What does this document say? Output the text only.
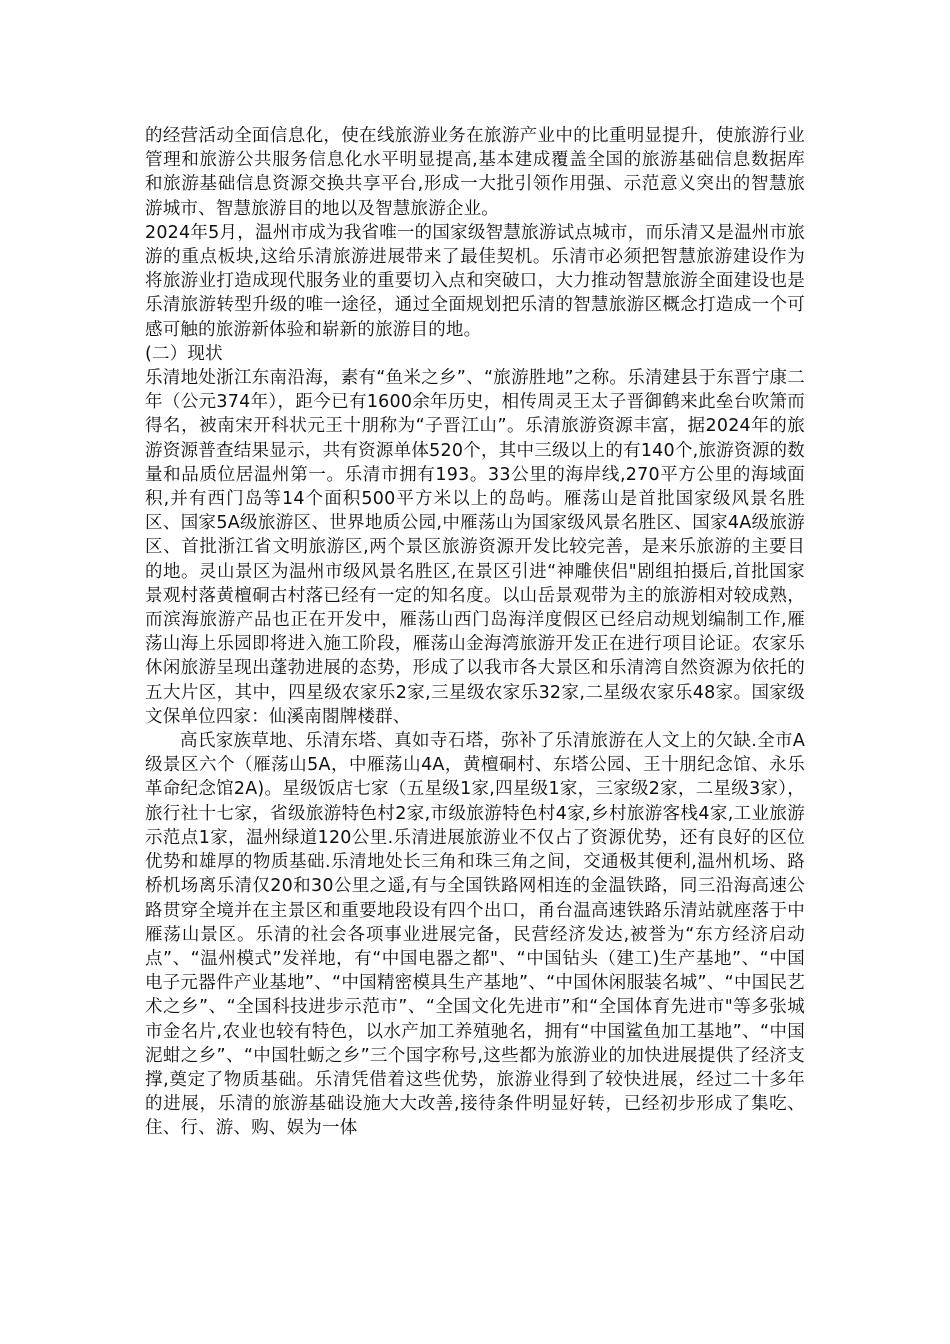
的经营活动全面信息化，使在线旅游业务在旅游产业中的比重明显提升，使旅游行业管理和旅游公共服务信息化水平明显提高,基本建成覆盖全国的旅游基础信息数据库和旅游基础信息资源交换共享平台,形成一大批引领作用强、示范意义突出的智慧旅游城市、智慧旅游目的地以及智慧旅游企业。

2024年5月，温州市成为我省唯一的国家级智慧旅游试点城市，而乐清又是温州市旅游的重点板块,这给乐清旅游进展带来了最佳契机。乐清市必须把智慧旅游建设作为将旅游业打造成现代服务业的重要切入点和突破口，大力推动智慧旅游全面建设也是乐清旅游转型升级的唯一途径，通过全面规划把乐清的智慧旅游区概念打造成一个可感可触的旅游新体验和崭新的旅游目的地。

(二）现状

乐清地处浙江东南沿海，素有“鱼米之乡”、“旅游胜地”之称。乐清建县于东晋宁康二年（公元374年），距今已有1600余年历史，相传周灵王太子晋御鹤来此垒台吹箫而得名，被南宋开科状元王十朋称为“子晋江山”。乐清旅游资源丰富，据2024年的旅游资源普查结果显示，共有资源单体520个，其中三级以上的有140个,旅游资源的数量和品质位居温州第一。乐清市拥有193。33公里的海岸线,270平方公里的海域面积,并有西门岛等14个面积500平方米以上的岛屿。雁荡山是首批国家级风景名胜区、国家5A级旅游区、世界地质公园,中雁荡山为国家级风景名胜区、国家4A级旅游区、首批浙江省文明旅游区,两个景区旅游资源开发比较完善，是来乐旅游的主要目的地。灵山景区为温州市级风景名胜区,在景区引进“神雕侠侣"剧组拍摄后,首批国家景观村落黄檀硐古村落已经有一定的知名度。以山岳景观带为主的旅游相对较成熟，而滨海旅游产品也正在开发中，雁荡山西门岛海洋度假区已经启动规划编制工作,雁荡山海上乐园即将进入施工阶段，雁荡山金海湾旅游开发正在进行项目论证。农家乐休闲旅游呈现出蓬勃进展的态势，形成了以我市各大景区和乐清湾自然资源为依托的五大片区，其中，四星级农家乐2家,三星级农家乐32家,二星级农家乐48家。国家级文保单位四家：仙溪南閤牌楼群、

高氏家族草地、乐清东塔、真如寺石塔，弥补了乐清旅游在人文上的欠缺.全市A级景区六个（雁荡山5A，中雁荡山4A，黄檀硐村、东塔公园、王十朋纪念馆、永乐革命纪念馆2A)。星级饭店七家（五星级1家,四星级1家，三家级2家，二星级3家），旅行社十七家，省级旅游特色村2家,市级旅游特色村4家,乡村旅游客栈4家,工业旅游示范点1家，温州绿道120公里.乐清进展旅游业不仅占了资源优势，还有良好的区位优势和雄厚的物质基础.乐清地处长三角和珠三角之间，交通极其便利,温州机场、路桥机场离乐清仅20和30公里之遥,有与全国铁路网相连的金温铁路，同三沿海高速公路贯穿全境并在主景区和重要地段设有四个出口，甬台温高速铁路乐清站就座落于中雁荡山景区。乐清的社会各项事业进展完备，民营经济发达,被誉为“东方经济启动点”、“温州模式”发祥地，有“中国电器之都"、“中国钻头（建工)生产基地”、“中国电子元器件产业基地”、“中国精密模具生产基地”、“中国休闲服装名城”、“中国民艺术之乡”、“全国科技进步示范市”、“全国文化先进市”和“全国体育先进市"等多张城市金名片,农业也较有特色，以水产加工养殖驰名，拥有“中国鲨鱼加工基地”、“中国泥蚶之乡”、“中国牡蛎之乡”三个国字称号,这些都为旅游业的加快进展提供了经济支撑,奠定了物质基础。乐清凭借着这些优势，旅游业得到了较快进展，经过二十多年的进展，乐清的旅游基础设施大大改善,接待条件明显好转，已经初步形成了集吃、住、行、游、购、娱为一体
